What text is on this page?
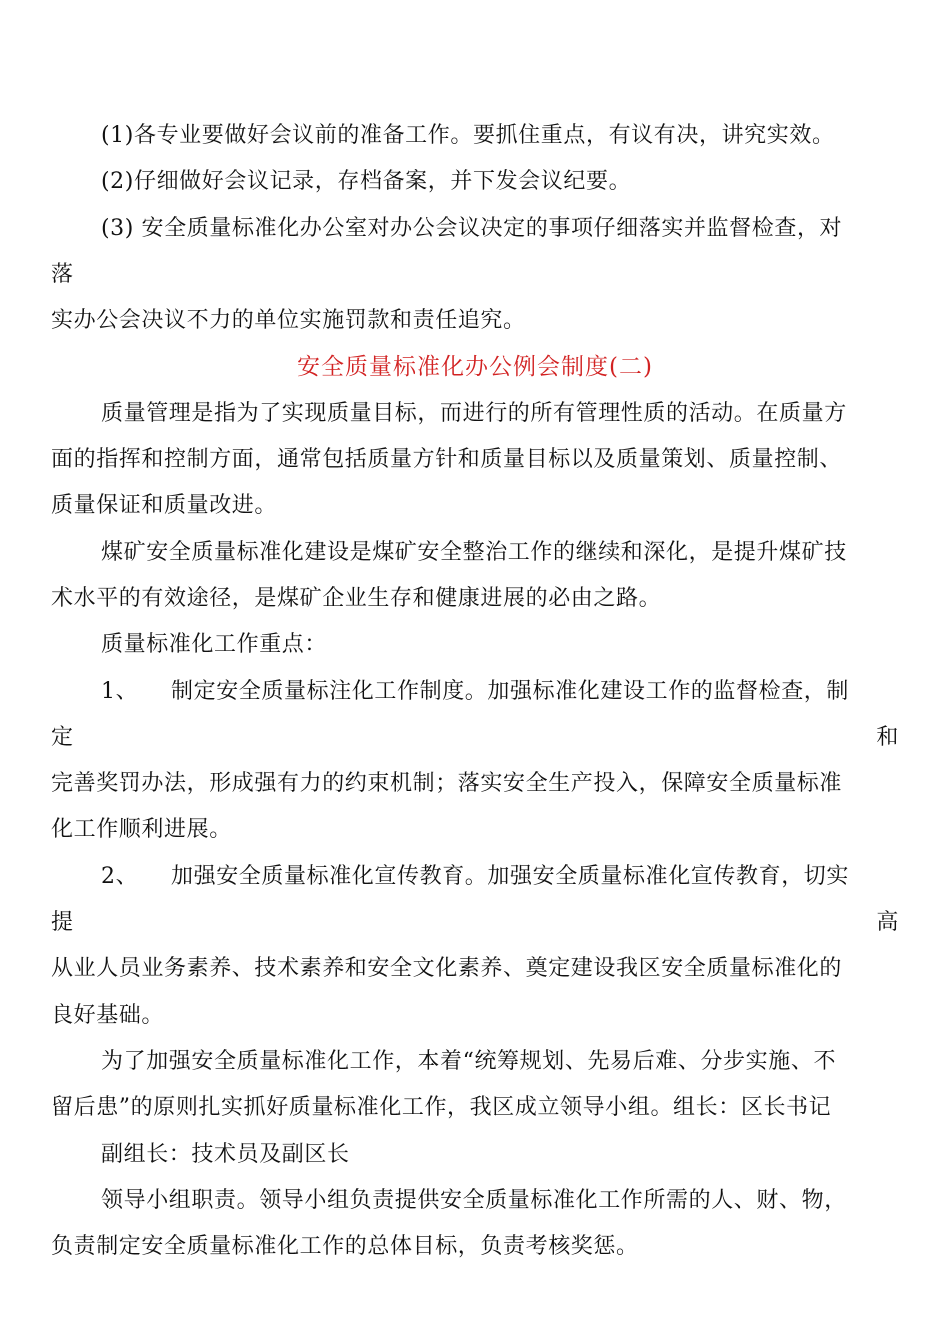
(1)各专业要做好会议前的准备工作。要抓住重点，有议有决，讲究实效。
(2)仔细做好会议记录，存档备案，并下发会议纪要。
(3) 安全质量标准化办公室对办公会议决定的事项仔细落实并监督检查，对
落
实办公会决议不力的单位实施罚款和责任追究。
安全质量标准化办公例会制度(二)
质量管理是指为了实现质量目标，而进行的所有管理性质的活动。在质量方
面的指挥和控制方面，通常包括质量方针和质量目标以及质量策划、质量控制、
质量保证和质量改进。
煤矿安全质量标准化建设是煤矿安全整治工作的继续和深化，是提升煤矿技
术水平的有效途径，是煤矿企业生存和健康进展的必由之路。
质量标准化工作重点：
1、 制定安全质量标注化工作制度。加强标准化建设工作的监督检查，制
定	和
完善奖罚办法，形成强有力的约束机制；落实安全生产投入，保障安全质量标准
化工作顺利进展。
2、 加强安全质量标准化宣传教育。加强安全质量标准化宣传教育，切实
提	高
从业人员业务素养、技术素养和安全文化素养、奠定建设我区安全质量标准化的
良好基础。
为了加强安全质量标准化工作，本着“统筹规划、先易后难、分步实施、不
留后患”的原则扎实抓好质量标准化工作，我区成立领导小组。组长：区长书记
副组长：技术员及副区长
领导小组职责。领导小组负责提供安全质量标准化工作所需的人、财、物，
负责制定安全质量标准化工作的总体目标，负责考核奖惩。
